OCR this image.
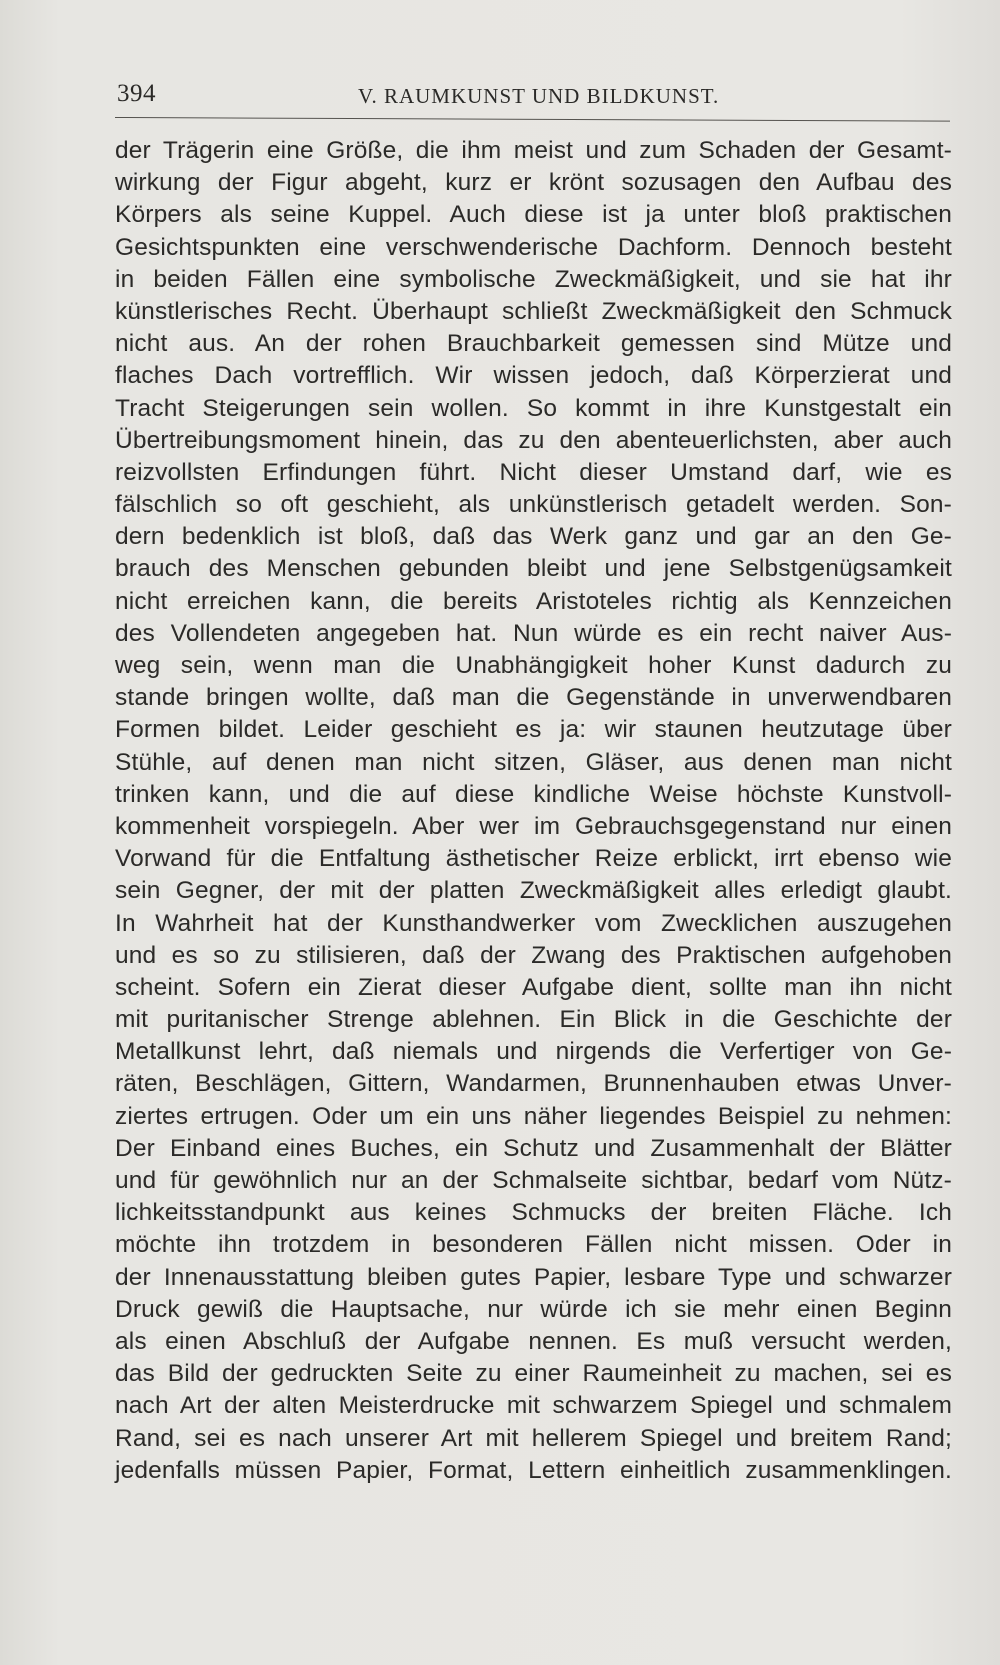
394	V. RAUMKUNST UND BILDKUNST.
der Trägerin eine Größe, die ihm meist und zum Schaden der Gesamt-
wirkung der Figur abgeht, kurz er krönt sozusagen den Aufbau des
Körpers als seine Kuppel. Auch diese ist ja unter bloß praktischen
Gesichtspunkten eine verschwenderische Dachform. Dennoch besteht
in beiden Fällen eine symbolische Zweckmäßigkeit, und sie hat ihr
künstlerisches Recht. Überhaupt schließt Zweckmäßigkeit den Schmuck
nicht aus. An der rohen Brauchbarkeit gemessen sind Mütze und
flaches Dach vortrefflich. Wir wissen jedoch, daß Körperzierat und
Tracht Steigerungen sein wollen. So kommt in ihre Kunstgestalt ein
Übertreibungsmoment hinein, das zu den abenteuerlichsten, aber auch
reizvollsten Erfindungen führt. Nicht dieser Umstand darf, wie es
fälschlich so oft geschieht, als unkünstlerisch getadelt werden. Son-
dern bedenklich ist bloß, daß das Werk ganz und gar an den Ge-
brauch des Menschen gebunden bleibt und jene Selbstgenügsamkeit
nicht erreichen kann, die bereits Aristoteles richtig als Kennzeichen
des Vollendeten angegeben hat. Nun würde es ein recht naiver Aus-
weg sein, wenn man die Unabhängigkeit hoher Kunst dadurch zu
stande bringen wollte, daß man die Gegenstände in unverwendbaren
Formen bildet. Leider geschieht es ja: wir staunen heutzutage über
Stühle, auf denen man nicht sitzen, Gläser, aus denen man nicht
trinken kann, und die auf diese kindliche Weise höchste Kunstvoll-
kommenheit vorspiegeln. Aber wer im Gebrauchsgegenstand nur einen
Vorwand für die Entfaltung ästhetischer Reize erblickt, irrt ebenso wie
sein Gegner, der mit der platten Zweckmäßigkeit alles erledigt glaubt.
In Wahrheit hat der Kunsthandwerker vom Zwecklichen auszugehen
und es so zu stilisieren, daß der Zwang des Praktischen aufgehoben
scheint. Sofern ein Zierat dieser Aufgabe dient, sollte man ihn nicht
mit puritanischer Strenge ablehnen. Ein Blick in die Geschichte der
Metallkunst lehrt, daß niemals und nirgends die Verfertiger von Ge-
räten, Beschlägen, Gittern, Wandarmen, Brunnenhauben etwas Unver-
ziertes ertrugen. Oder um ein uns näher liegendes Beispiel zu nehmen:
Der Einband eines Buches, ein Schutz und Zusammenhalt der Blätter
und für gewöhnlich nur an der Schmalseite sichtbar, bedarf vom Nütz-
lichkeitsstandpunkt aus keines Schmucks der breiten Fläche. Ich
möchte ihn trotzdem in besonderen Fällen nicht missen. Oder in
der Innenausstattung bleiben gutes Papier, lesbare Type und schwarzer
Druck gewiß die Hauptsache, nur würde ich sie mehr einen Beginn
als einen Abschluß der Aufgabe nennen. Es muß versucht werden,
das Bild der gedruckten Seite zu einer Raumeinheit zu machen, sei es
nach Art der alten Meisterdrucke mit schwarzem Spiegel und schmalem
Rand, sei es nach unserer Art mit hellerem Spiegel und breitem Rand;
jedenfalls müssen Papier, Format, Lettern einheitlich zusammenklingen.
